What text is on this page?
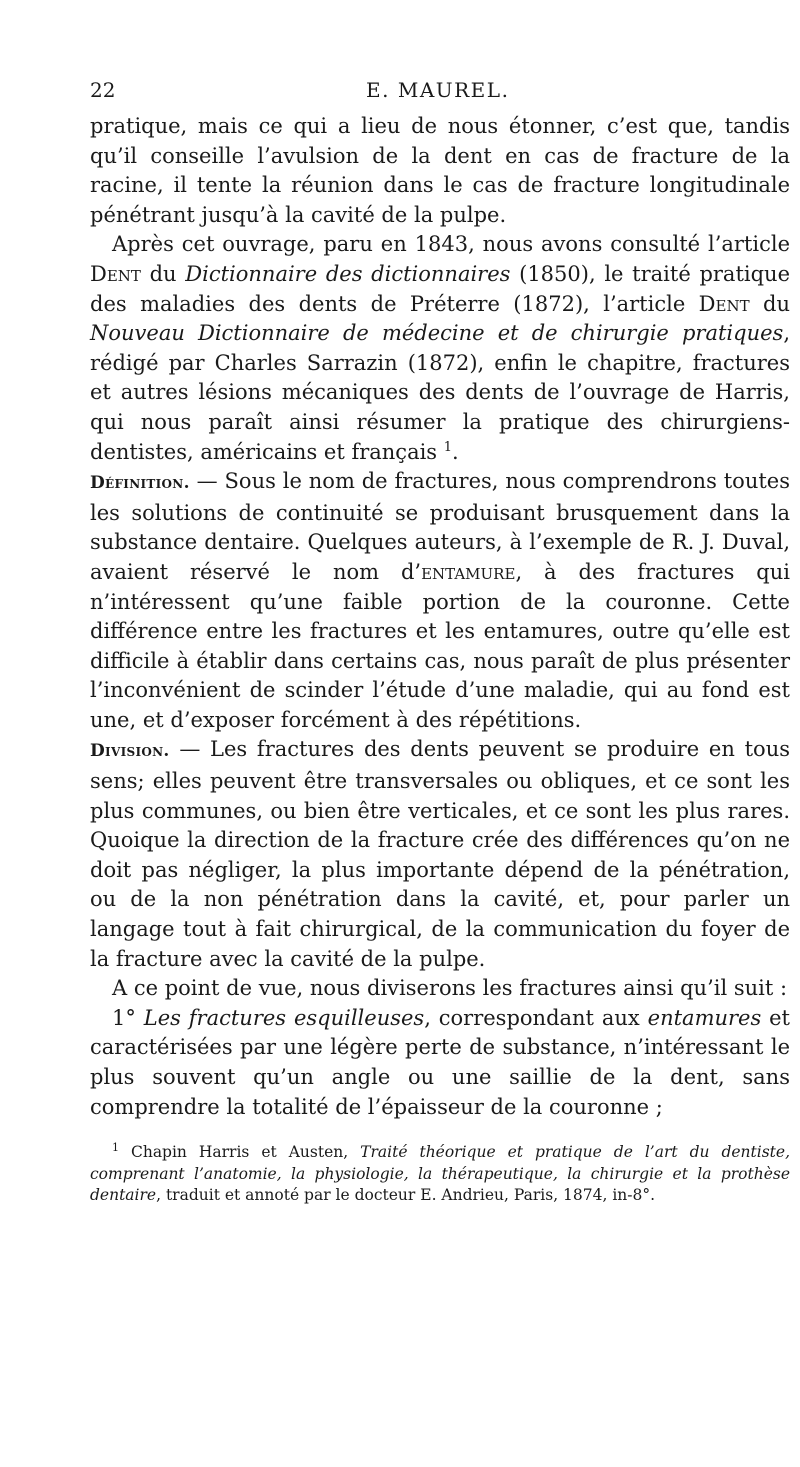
22	E. MAUREL.

pratique, mais ce qui a lieu de nous étonner, c’est que, tandis qu’il conseille l’avulsion de la dent en cas de fracture de la racine, il tente la réunion dans le cas de fracture longitudinale pénétrant jusqu’à la cavité de la pulpe.

Après cet ouvrage, paru en 1843, nous avons consulté l’article Dent du Dictionnaire des dictionnaires (1850), le traité pratique des maladies des dents de Préterre (1872), l’article Dent du Nouveau Dictionnaire de médecine et de chirurgie pratiques, rédigé par Charles Sarrazin (1872), enfin le chapitre, fractures et autres lésions mécaniques des dents de l’ouvrage de Harris, qui nous paraît ainsi résumer la pratique des chirurgiens-dentistes, américains et français $^1$.

Définition. — Sous le nom de fractures, nous comprendrons toutes les solutions de continuité se produisant brusquement dans la substance dentaire. Quelques auteurs, à l’exemple de R. J. Duval, avaient réservé le nom d’entamure, à des fractures qui n’intéressent qu’une faible portion de la couronne. Cette différence entre les fractures et les entamures, outre qu’elle est difficile à établir dans certains cas, nous paraît de plus présenter l’inconvénient de scinder l’étude d’une maladie, qui au fond est une, et d’exposer forcément à des répétitions.

Division. — Les fractures des dents peuvent se produire en tous sens; elles peuvent être transversales ou obliques, et ce sont les plus communes, ou bien être verticales, et ce sont les plus rares. Quoique la direction de la fracture crée des différences qu’on ne doit pas négliger, la plus importante dépend de la pénétration, ou de la non pénétration dans la cavité, et, pour parler un langage tout à fait chirurgical, de la communication du foyer de la fracture avec la cavité de la pulpe.

A ce point de vue, nous diviserons les fractures ainsi qu’il suit :

1° Les fractures esquilleuses, correspondant aux entamures et caractérisées par une légère perte de substance, n’intéressant le plus souvent qu’un angle ou une saillie de la dent, sans comprendre la totalité de l’épaisseur de la couronne ;

$^1$ Chapin Harris et Austen, Traité théorique et pratique de l’art du dentiste, comprenant l’anatomie, la physiologie, la thérapeutique, la chirurgie et la prothèse dentaire, traduit et annoté par le docteur E. Andrieu, Paris, 1874, in-8°.
